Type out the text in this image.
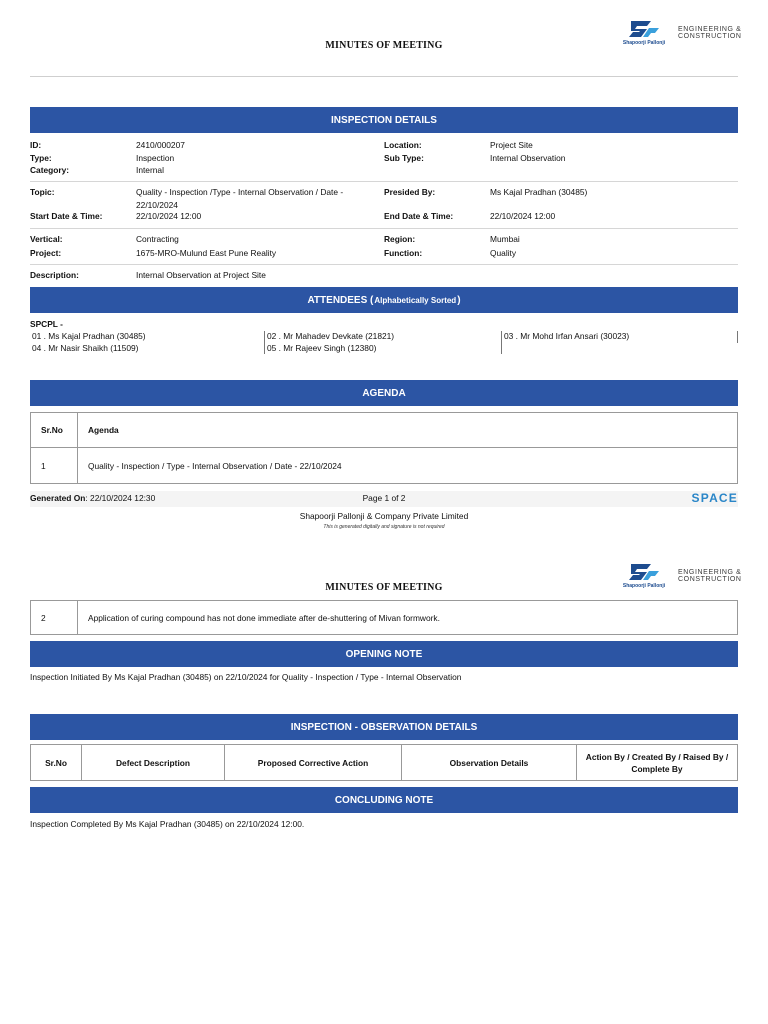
MINUTES OF MEETING	Shapoorji Pallonji
ENGINEERING &
CONSTRUCTION
INSPECTION DETAILS
ID:	2410/000207
Type:	Inspection
Category:	Internal
Location:	Project Site
Sub Type:	Internal Observation
Topic:	Quality - Inspection /Type - Internal Observation / Date - 22/10/2024
Presided By:	Ms Kajal Pradhan (30485)
Start Date & Time:	22/10/2024 12:00	End Date & Time:	22/10/2024 12:00
Vertical:	Contracting
Project:	1675-MRO-Mulund East Pune Reality
Region:	Mumbai
Function:	Quality
Description:	Internal Observation at Project Site
ATTENDEES ( Alphabetically Sorted )
SPCPL -
01 . Ms Kajal Pradhan (30485)	02 . Mr Mahadev Devkate (21821)	03 . Mr Mohd Irfan Ansari (30023)
04 . Mr Nasir Shaikh (11509)	05 . Mr Rajeev Singh (12380)
AGENDA
Sr.No	Agenda
1	Quality - Inspection / Type - Internal Observation / Date - 22/10/2024
Generated On: 22/10/2024 12:30	Page 1 of 2	SPACE
Shapoorji Pallonji & Company Private Limited
This is generated digitally and signature is not required
MINUTES OF MEETING	Shapoorji Pallonji
ENGINEERING &
CONSTRUCTION
2	Application of curing compound has not done immediate after de-shuttering of Mivan formwork.
OPENING NOTE
Inspection Initiated By Ms Kajal Pradhan (30485) on 22/10/2024 for Quality - Inspection / Type - Internal Observation
INSPECTION - OBSERVATION DETAILS
Sr.No	Defect Description	Proposed Corrective Action	Observation Details	Action By / Created By / Raised By / Complete By
CONCLUDING NOTE
Inspection Completed By Ms Kajal Pradhan (30485) on 22/10/2024 12:00.
